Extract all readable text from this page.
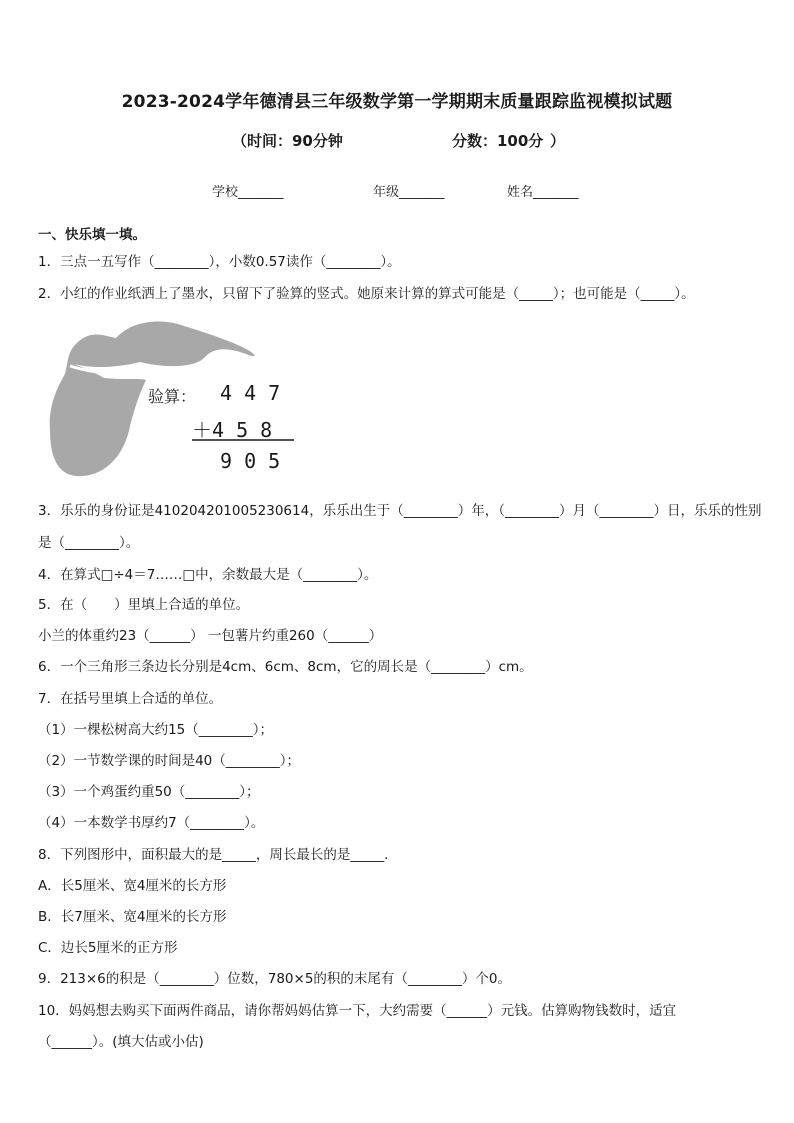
2023-2024学年德清县三年级数学第一学期期末质量跟踪监视模拟试题
（时间：90分钟	分数：100分 ）
学校_______	年级_______	姓名_______
一、快乐填一填。
1．三点一五写作（________），小数0.57读作（________）。
2．小红的作业纸洒上了墨水，只留下了验算的竖式。她原来计算的算式可能是（_____）；也可能是（_____）。
验算： 4 4 7
＋4 5 8
9 0 5
3．乐乐的身份证是410204201005230614，乐乐出生于（________）年，（________）月（________）日，乐乐的性别
是（________）。
4．在算式□÷4＝7……□中，余数最大是（________）。
5．在（　　）里填上合适的单位。
小兰的体重约23（______） 一包薯片约重260（______）
6．一个三角形三条边长分别是4cm、6cm、8cm，它的周长是（________）cm。
7．在括号里填上合适的单位。
（1）一棵松树高大约15（________）；
（2）一节数学课的时间是40（________）；
（3）一个鸡蛋约重50（________）；
（4）一本数学书厚约7（________）。
8．下列图形中，面积最大的是_____，周长最长的是_____．
A．长5厘米、宽4厘米的长方形
B．长7厘米、宽4厘米的长方形
C．边长5厘米的正方形
9．213×6的积是（________）位数，780×5的积的末尾有（________）个0。
10．妈妈想去购买下面两件商品，请你帮妈妈估算一下，大约需要（______）元钱。估算购物钱数时，适宜
（______）。(填大估或小估)
